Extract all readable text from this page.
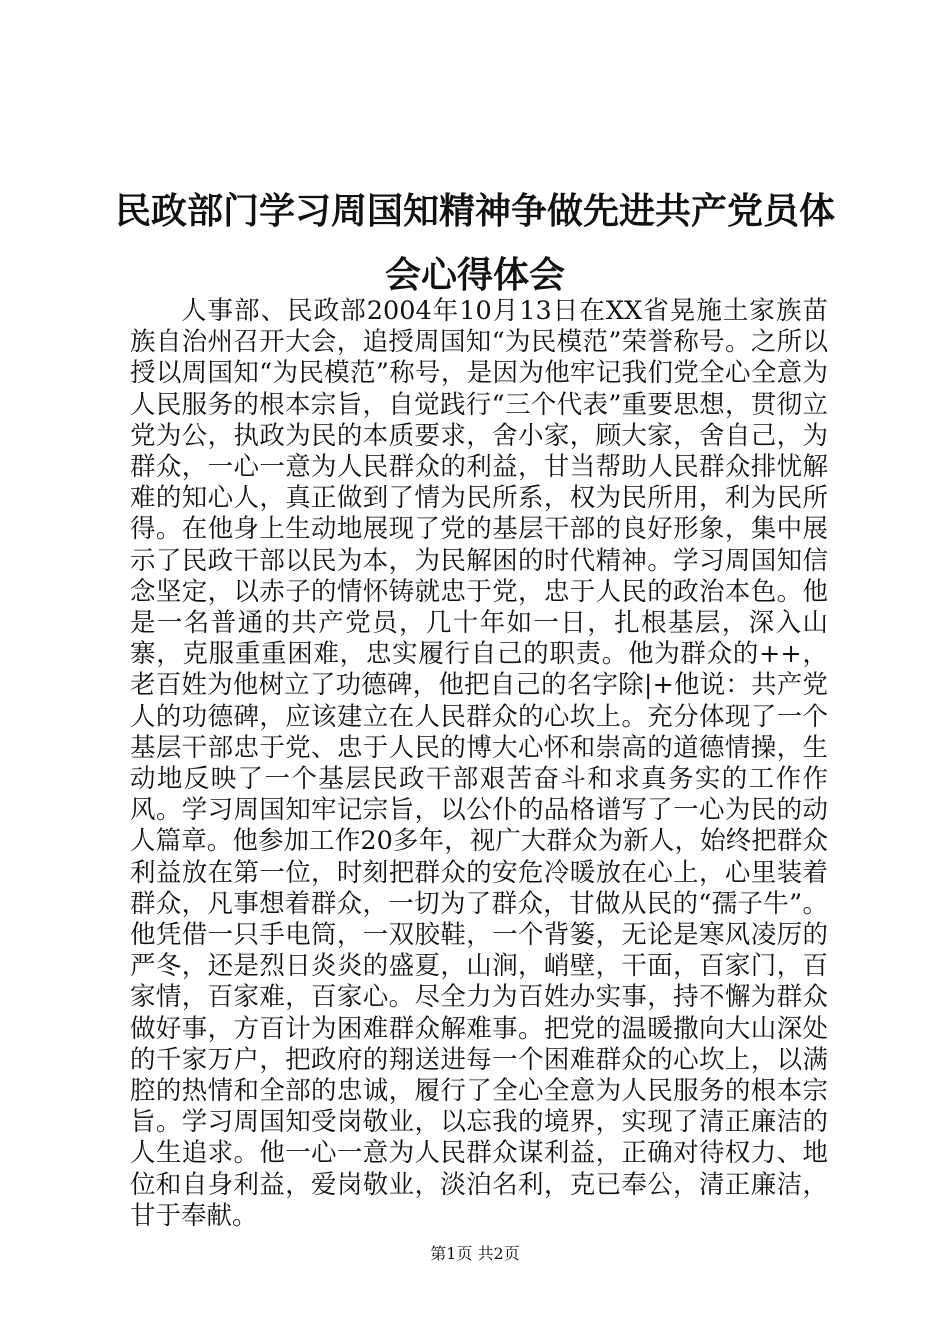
民政部门学习周国知精神争做先进共产党员体会心得体会

人事部、民政部2004年10月13日在XX省晃施土家族苗族自治州召开大会，追授周国知“为民模范”荣誉称号。之所以授以周国知“为民模范”称号，是因为他牢记我们党全心全意为人民服务的根本宗旨，自觉践行“三个代表”重要思想，贯彻立党为公，执政为民的本质要求，舍小家，顾大家，舍自己，为群众，一心一意为人民群众的利益，甘当帮助人民群众排忧解难的知心人，真正做到了情为民所系，权为民所用，利为民所得。在他身上生动地展现了党的基层干部的良好形象，集中展示了民政干部以民为本，为民解困的时代精神。学习周国知信念坚定，以赤子的情怀铸就忠于党，忠于人民的政治本色。他是一名普通的共产党员，几十年如一日，扎根基层，深入山寨，克服重重困难，忠实履行自己的职责。他为群众的++，老百姓为他树立了功德碑，他把自己的名字除|+他说：共产党人的功德碑，应该建立在人民群众的心坎上。充分体现了一个基层干部忠于党、忠于人民的博大心怀和崇高的道德情操，生动地反映了一个基层民政干部艰苦奋斗和求真务实的工作作风。学习周国知牢记宗旨，以公仆的品格谱写了一心为民的动人篇章。他参加工作20多年，视广大群众为新人，始终把群众利益放在第一位，时刻把群众的安危冷暖放在心上，心里装着群众，凡事想着群众，一切为了群众，甘做从民的“孺子牛”。他凭借一只手电筒，一双胶鞋，一个背篓，无论是寒风凌厉的严冬，还是烈日炎炎的盛夏，山涧，峭壁，干面，百家门，百家情，百家难，百家心。尽全力为百姓办实事，持不懈为群众做好事，方百计为困难群众解难事。把党的温暖撒向大山深处的千家万户，把政府的翔送进每一个困难群众的心坎上，以满腔的热情和全部的忠诚，履行了全心全意为人民服务的根本宗旨。学习周国知受岗敬业，以忘我的境界，实现了清正廉洁的人生追求。他一心一意为人民群众谋利益，正确对待权力、地位和自身利益，爱岗敬业，淡泊名利，克已奉公，清正廉洁，甘于奉献。

第1页 共2页
